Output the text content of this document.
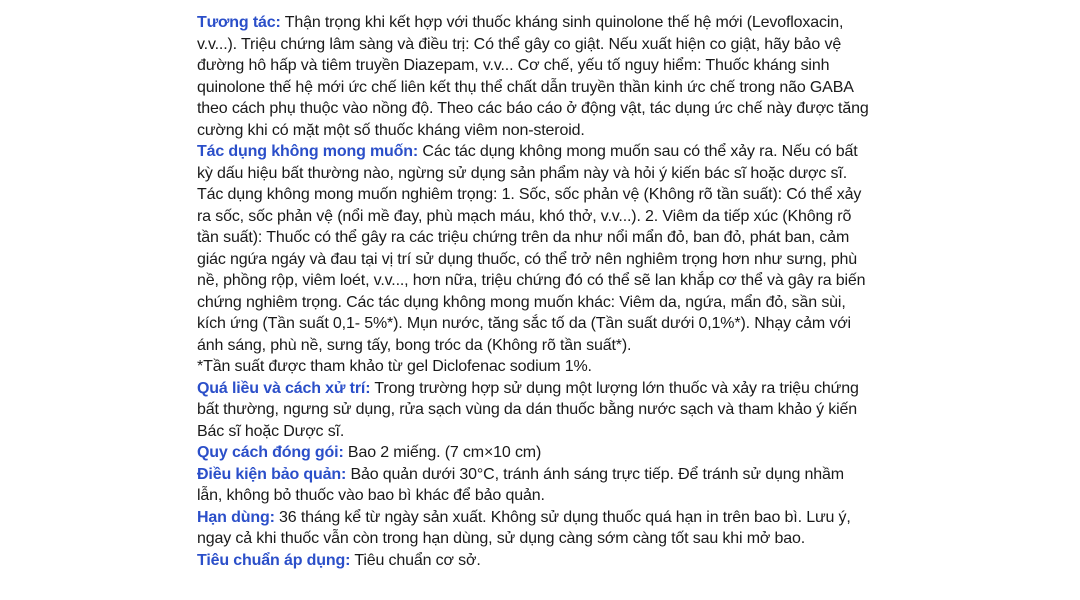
Tương tác: Thận trọng khi kết hợp với thuốc kháng sinh quinolone thế hệ mới (Levofloxacin, v.v...). Triệu chứng lâm sàng và điều trị: Có thể gây co giật. Nếu xuất hiện co giật, hãy bảo vệ đường hô hấp và tiêm truyền Diazepam, v.v... Cơ chế, yếu tố nguy hiểm: Thuốc kháng sinh quinolone thế hệ mới ức chế liên kết thụ thể chất dẫn truyền thần kinh ức chế trong não GABA theo cách phụ thuộc vào nồng độ. Theo các báo cáo ở động vật, tác dụng ức chế này được tăng cường khi có mặt một số thuốc kháng viêm non-steroid.

Tác dụng không mong muốn: Các tác dụng không mong muốn sau có thể xảy ra. Nếu có bất kỳ dấu hiệu bất thường nào, ngừng sử dụng sản phẩm này và hỏi ý kiến bác sĩ hoặc dược sĩ. Tác dụng không mong muốn nghiêm trọng: 1. Sốc, sốc phản vệ (Không rõ tần suất): Có thể xảy ra sốc, sốc phản vệ (nổi mề đay, phù mạch máu, khó thở, v.v...). 2. Viêm da tiếp xúc (Không rõ tần suất): Thuốc có thể gây ra các triệu chứng trên da như nổi mẩn đỏ, ban đỏ, phát ban, cảm giác ngứa ngáy và đau tại vị trí sử dụng thuốc, có thể trở nên nghiêm trọng hơn như sưng, phù nề, phồng rộp, viêm loét, v.v..., hơn nữa, triệu chứng đó có thể sẽ lan khắp cơ thể và gây ra biến chứng nghiêm trọng. Các tác dụng không mong muốn khác: Viêm da, ngứa, mẩn đỏ, sần sùi, kích ứng (Tần suất 0,1- 5%*). Mụn nước, tăng sắc tố da (Tần suất dưới 0,1%*). Nhạy cảm với ánh sáng, phù nề, sưng tấy, bong tróc da (Không rõ tần suất*).

*Tần suất được tham khảo từ gel Diclofenac sodium 1%.

Quá liều và cách xử trí: Trong trường hợp sử dụng một lượng lớn thuốc và xảy ra triệu chứng bất thường, ngưng sử dụng, rửa sạch vùng da dán thuốc bằng nước sạch và tham khảo ý kiến Bác sĩ hoặc Dược sĩ.

Quy cách đóng gói: Bao 2 miếng. (7 cm×10 cm)

Điều kiện bảo quản: Bảo quản dưới 30°C, tránh ánh sáng trực tiếp. Để tránh sử dụng nhầm lẫn, không bỏ thuốc vào bao bì khác để bảo quản.

Hạn dùng: 36 tháng kể từ ngày sản xuất. Không sử dụng thuốc quá hạn in trên bao bì. Lưu ý, ngay cả khi thuốc vẫn còn trong hạn dùng, sử dụng càng sớm càng tốt sau khi mở bao.

Tiêu chuẩn áp dụng: Tiêu chuẩn cơ sở.
